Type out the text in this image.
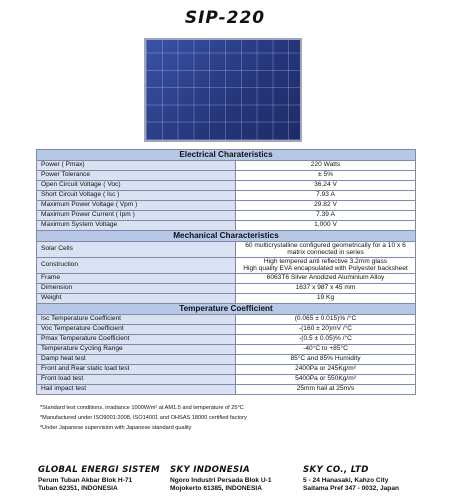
SIP-220
Electrical Charateristics	
Power ( Pmax)	220 Watts
Power Tolerance	± 5%
Open Circuit Voltage ( Voc)	36.24 V
Short Circuit Voltage ( Isc )	7.93 A
Maximum Power Voltage ( Vpm )	29.82 V
Maximum Power Current ( Ipm )	7.39 A
Maximum System Voltage	1,000 V
Mechanical Characteristics	
Solar Cells	60 multicrystalline configured geometrically for a 10 x 6
matrix connected in series

Construction	High tempered anti reflective 3.2mm glass
High quality EVA encapsulated with Polyester backsheet

Frame	6063T6 Silver Anodized Aluminium Alloy
Dimension	1637 x 987 x 45 mm
Weight	19 Kg
Temperature Coefficient	
Isc Temperature Coefficient	(0.065 ± 0.015)% /°C
Voc Temperature Coefficient	-(160 ± 20)mV /°C
Pmax Temperature Coefficient	-(0.5 ± 0.05)% /°C
Temperature Cycling Range	-40°C to +85°C
Damp heat test	85°C and 85% Humidity
Front and Rear static load test	2400Pa or 245Kg/m²
Front load test	5400Pa or 550Kg/m²
Hail impact test	25mm hail at 25m/s
*Standard test conditions, irradiance 1000W/m² at AM1.5 and temperature of 25°C
*Manufactured under ISO9001:2008, ISO14001 and OHSAS 18000 certified factory
*Under Japanese supervision with Japanese standard quality
GLOBAL ENERGI SISTEM
Perum Tuban Akbar Blok H-71
Tuban 62351, INDONESIA
SKY INDONESIA
Ngoro Industri Persada Blok U-1
Mojokerto 61385, INDONESIA
SKY CO., LTD
5 - 24 Hanasaki, Kahzo City
Saitama Pref 347 - 0032, Japan
